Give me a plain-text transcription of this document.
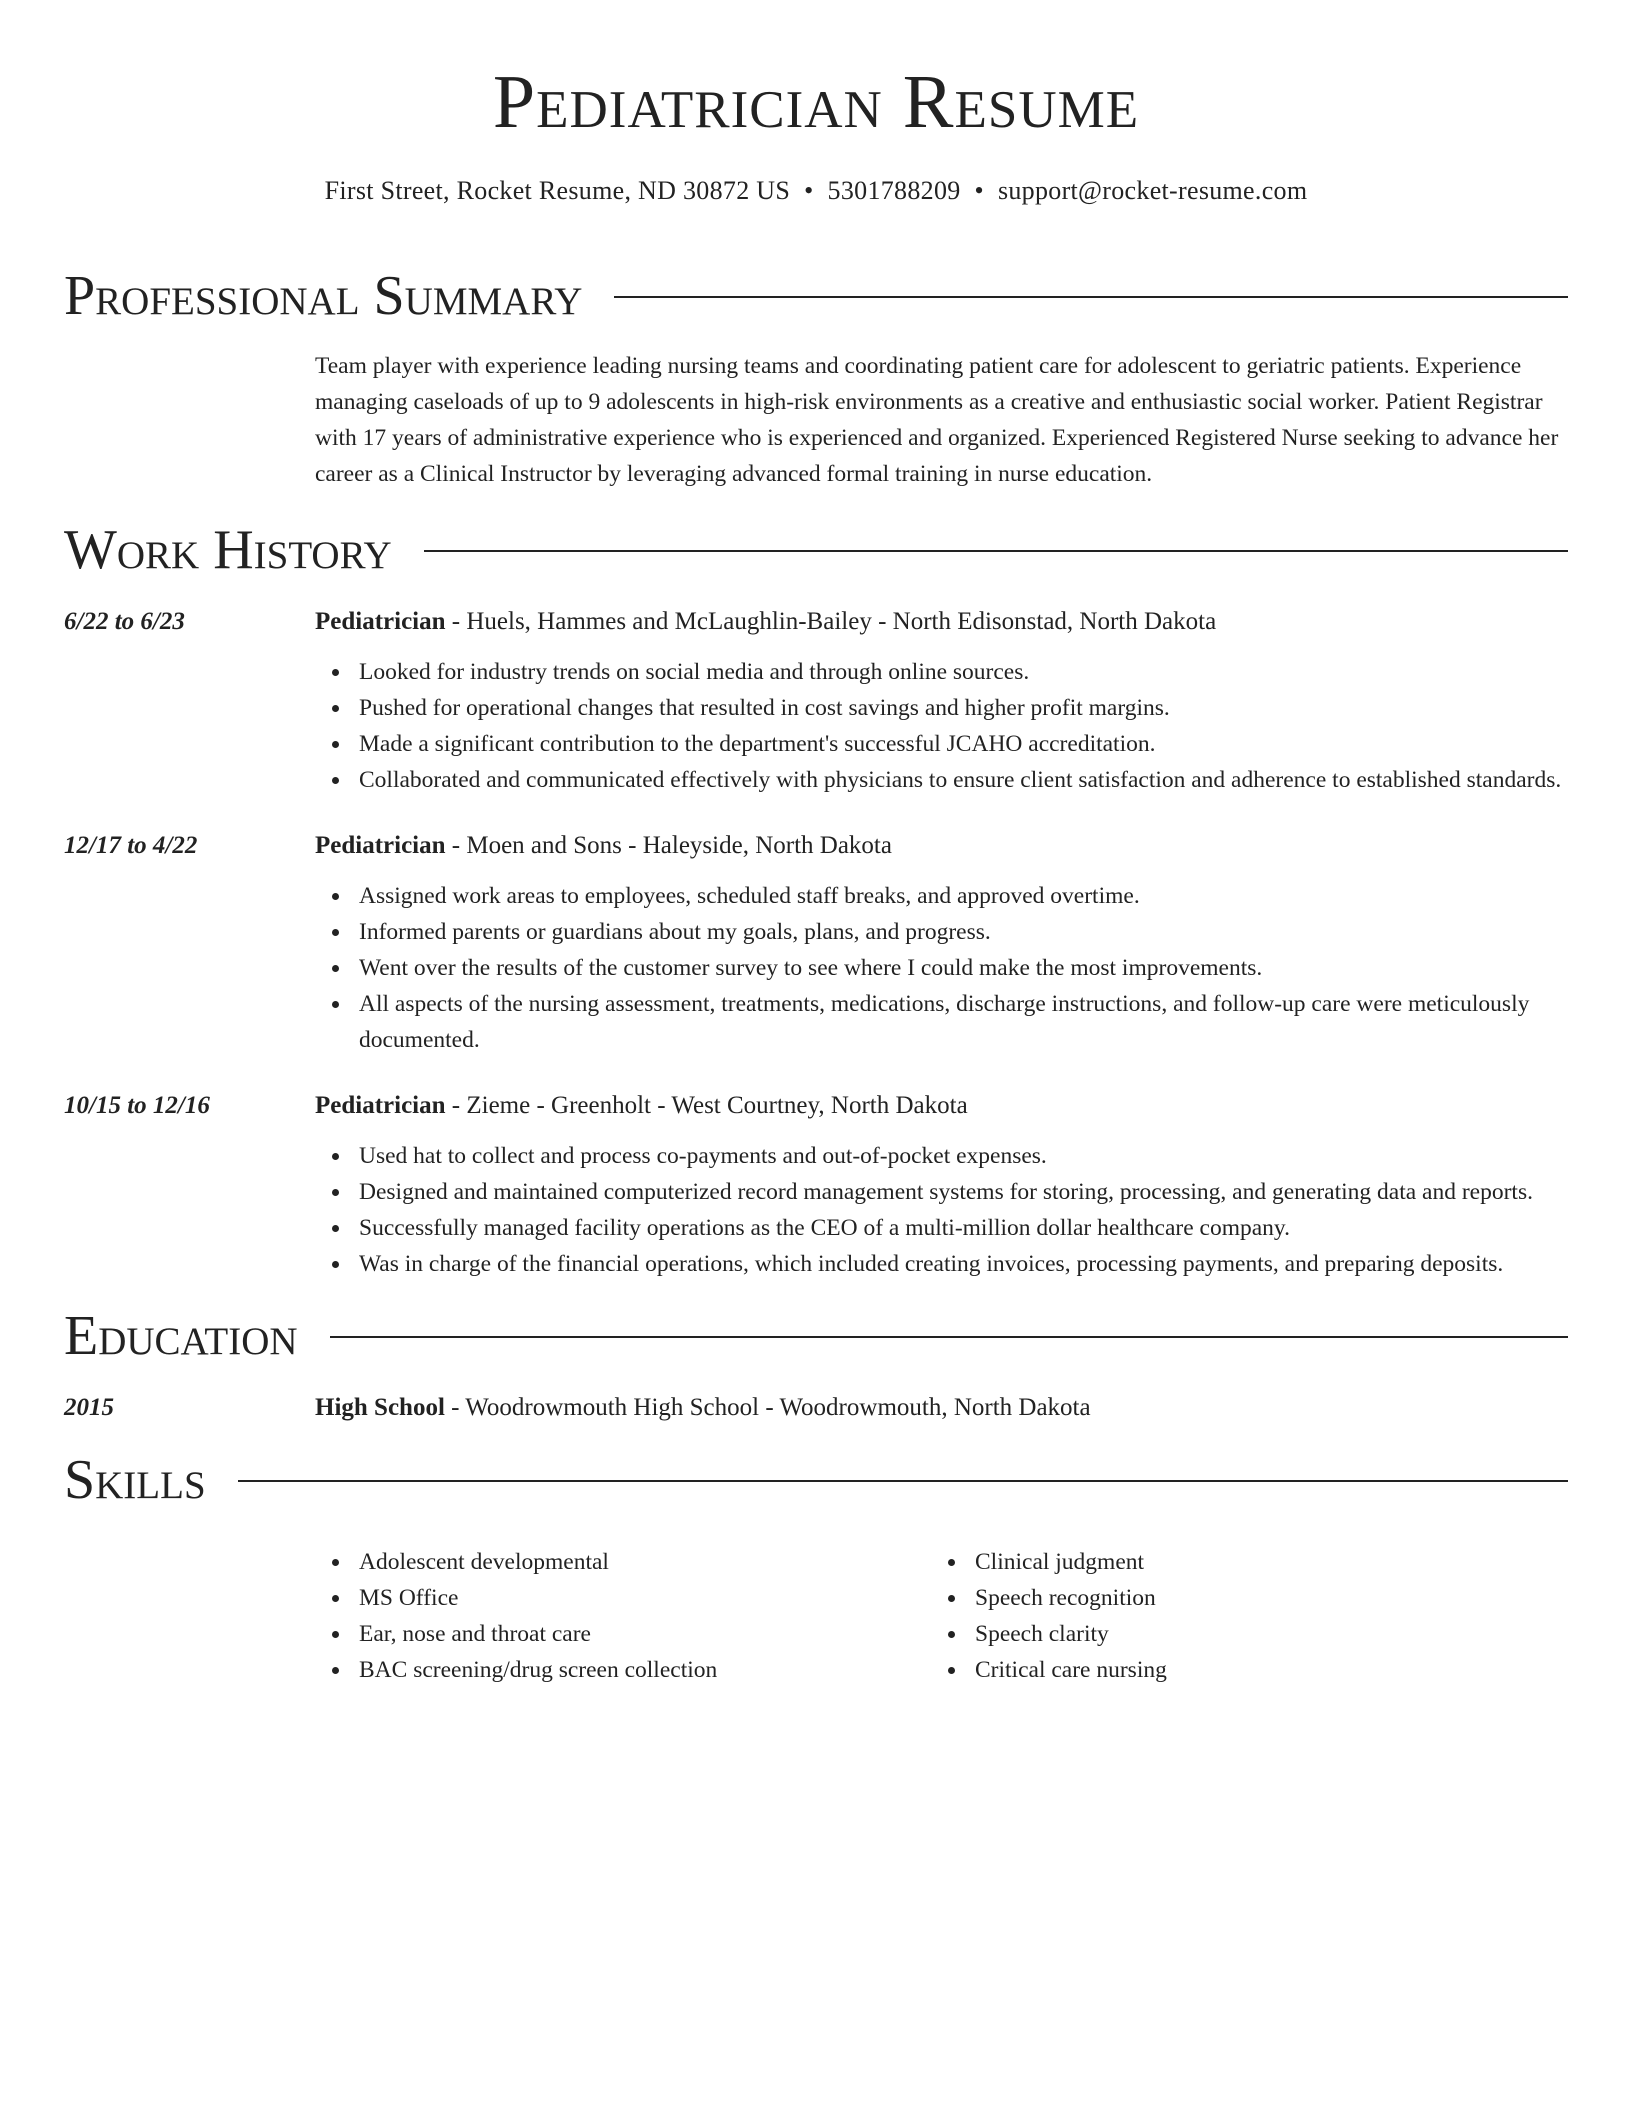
Pediatrician Resume
First Street, Rocket Resume, ND 30872 US • 5301788209 • support@rocket-resume.com
Professional Summary

Team player with experience leading nursing teams and coordinating patient care for adolescent to geriatric patients. Experience managing caseloads of up to 9 adolescents in high-risk environments as a creative and enthusiastic social worker. Patient Registrar with 17 years of administrative experience who is experienced and organized. Experienced Registered Nurse seeking to advance her career as a Clinical Instructor by leveraging advanced formal training in nurse education.

Work History
6/22 to 6/23	Pediatrician - Huels, Hammes and McLaughlin-Bailey - North Edisonstad, North Dakota
Looked for industry trends on social media and through online sources.
Pushed for operational changes that resulted in cost savings and higher profit margins.
Made a significant contribution to the department's successful JCAHO accreditation.
Collaborated and communicated effectively with physicians to ensure client satisfaction and adherence to established standards.
12/17 to 4/22	Pediatrician - Moen and Sons - Haleyside, North Dakota
Assigned work areas to employees, scheduled staff breaks, and approved overtime.
Informed parents or guardians about my goals, plans, and progress.
Went over the results of the customer survey to see where I could make the most improvements.
All aspects of the nursing assessment, treatments, medications, discharge instructions, and follow-up care were meticulously documented.
10/15 to 12/16	Pediatrician - Zieme - Greenholt - West Courtney, North Dakota
Used hat to collect and process co-payments and out-of-pocket expenses.
Designed and maintained computerized record management systems for storing, processing, and generating data and reports.
Successfully managed facility operations as the CEO of a multi-million dollar healthcare company.
Was in charge of the financial operations, which included creating invoices, processing payments, and preparing deposits.
Education
2015	High School - Woodrowmouth High School - Woodrowmouth, North Dakota
Skills
Adolescent developmental
MS Office
Ear, nose and throat care
BAC screening/drug screen collection
Clinical judgment
Speech recognition
Speech clarity
Critical care nursing
